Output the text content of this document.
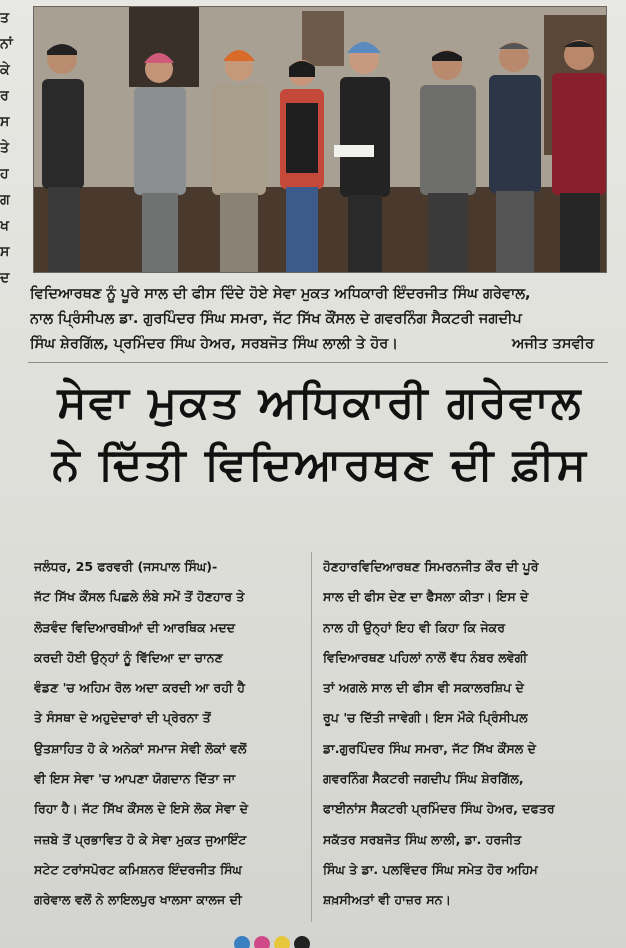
ਤ
ਨਾਂ
ਕੇ
ਰ
ਸ
ਤੇ
ਹ
ਗ
ਖ
ਸ
ਦ
ਵਿਦਿਆਰਥਣ ਨੂੰ ਪੂਰੇ ਸਾਲ ਦੀ ਫੀਸ ਦਿੰਦੇ ਹੋਏ ਸੇਵਾ ਮੁਕਤ ਅਧਿਕਾਰੀ ਇੰਦਰਜੀਤ ਸਿੰਘ ਗਰੇਵਾਲ,
ਨਾਲ ਪ੍ਰਿੰਸੀਪਲ ਡਾ. ਗੁਰਪਿੰਦਰ ਸਿੰਘ ਸਮਰਾ, ਜੱਟ ਸਿੱਖ ਕੌਂਸਲ ਦੇ ਗਵਰਨਿੰਗ ਸੈਕਟਰੀ ਜਗਦੀਪ
ਸਿੰਘ ਸ਼ੇਰਗਿੱਲ, ਪ੍ਰਮਿੰਦਰ ਸਿੰਘ ਹੇਅਰ, ਸਰਬਜੋਤ ਸਿੰਘ ਲਾਲੀ ਤੇ ਹੋਰ।	ਅਜੀਤ ਤਸਵੀਰ
ਸੇਵਾ ਮੁਕਤ ਅਧਿਕਾਰੀ ਗਰੇਵਾਲ
ਨੇ ਦਿੱਤੀ ਵਿਦਿਆਰਥਣ ਦੀ ਫ਼ੀਸ
ਜਲੰਧਰ, 25 ਫਰਵਰੀ (ਜਸਪਾਲ ਸਿੰਘ)-
ਜੱਟ ਸਿੱਖ ਕੌਂਸਲ ਪਿਛਲੇ ਲੰਬੇ ਸਮੇਂ ਤੋਂ ਹੋਣਹਾਰ ਤੇ
ਲੋੜਵੰਦ ਵਿਦਿਆਰਥੀਆਂ ਦੀ ਆਰਥਿਕ ਮਦਦ
ਕਰਦੀ ਹੋਈ ਉਨ੍ਹਾਂ ਨੂੰ ਵਿੱਦਿਆ ਦਾ ਚਾਨਣ
ਵੰਡਣ 'ਚ ਅਹਿਮ ਰੋਲ ਅਦਾ ਕਰਦੀ ਆ ਰਹੀ ਹੈ
ਤੇ ਸੰਸਥਾ ਦੇ ਅਹੁਦੇਦਾਰਾਂ ਦੀ ਪ੍ਰੇਰਨਾ ਤੋਂ
ਉਤਸ਼ਾਹਿਤ ਹੋ ਕੇ ਅਨੇਕਾਂ ਸਮਾਜ ਸੇਵੀ ਲੋਕਾਂ ਵਲੋਂ
ਵੀ ਇਸ ਸੇਵਾ 'ਚ ਆਪਣਾ ਯੋਗਦਾਨ ਦਿੱਤਾ ਜਾ
ਰਿਹਾ ਹੈ। ਜੱਟ ਸਿੱਖ ਕੌਂਸਲ ਦੇ ਇਸੇ ਲੋਕ ਸੇਵਾ ਦੇ
ਜਜ਼ਬੇ ਤੋਂ ਪ੍ਰਭਾਵਿਤ ਹੋ ਕੇ ਸੇਵਾ ਮੁਕਤ ਜੁਆਇੰਟ
ਸਟੇਟ ਟਰਾਂਸਪੋਰਟ ਕਮਿਸ਼ਨਰ ਇੰਦਰਜੀਤ ਸਿੰਘ
ਗਰੇਵਾਲ ਵਲੋਂ ਨੇ ਲਾਇਲਪੁਰ ਖਾਲਸਾ ਕਾਲਜ ਦੀ
ਹੋਣਹਾਰਵਿਦਿਆਰਥਣ ਸਿਮਰਨਜੀਤ ਕੌਰ ਦੀ ਪੂਰੇ
ਸਾਲ ਦੀ ਫੀਸ ਦੇਣ ਦਾ ਫੈਸਲਾ ਕੀਤਾ। ਇਸ ਦੇ
ਨਾਲ ਹੀ ਉਨ੍ਹਾਂ ਇਹ ਵੀ ਕਿਹਾ ਕਿ ਜੇਕਰ
ਵਿਦਿਆਰਥਣ ਪਹਿਲਾਂ ਨਾਲੋਂ ਵੱਧ ਨੰਬਰ ਲਵੇਗੀ
ਤਾਂ ਅਗਲੇ ਸਾਲ ਦੀ ਫੀਸ ਵੀ ਸਕਾਲਰਸ਼ਿਪ ਦੇ
ਰੂਪ 'ਚ ਦਿੱਤੀ ਜਾਵੇਗੀ। ਇਸ ਮੌਕੇ ਪ੍ਰਿੰਸੀਪਲ
ਡਾ.ਗੁਰਪਿੰਦਰ ਸਿੰਘ ਸਮਰਾ, ਜੱਟ ਸਿੱਖ ਕੌਂਸਲ ਦੇ
ਗਵਰਨਿੰਗ ਸੈਕਟਰੀ ਜਗਦੀਪ ਸਿੰਘ ਸ਼ੇਰਗਿੱਲ,
ਫਾਈਨਾਂਸ ਸੈਕਟਰੀ ਪ੍ਰਮਿੰਦਰ ਸਿੰਘ ਹੇਅਰ, ਦਫਤਰ
ਸਕੱਤਰ ਸਰਬਜੋਤ ਸਿੰਘ ਲਾਲੀ, ਡਾ. ਹਰਜੀਤ
ਸਿੰਘ ਤੇ ਡਾ. ਪਲਵਿੰਦਰ ਸਿੰਘ ਸਮੇਤ ਹੋਰ ਅਹਿਮ
ਸ਼ਖ਼ਸੀਅਤਾਂ ਵੀ ਹਾਜ਼ਰ ਸਨ।
